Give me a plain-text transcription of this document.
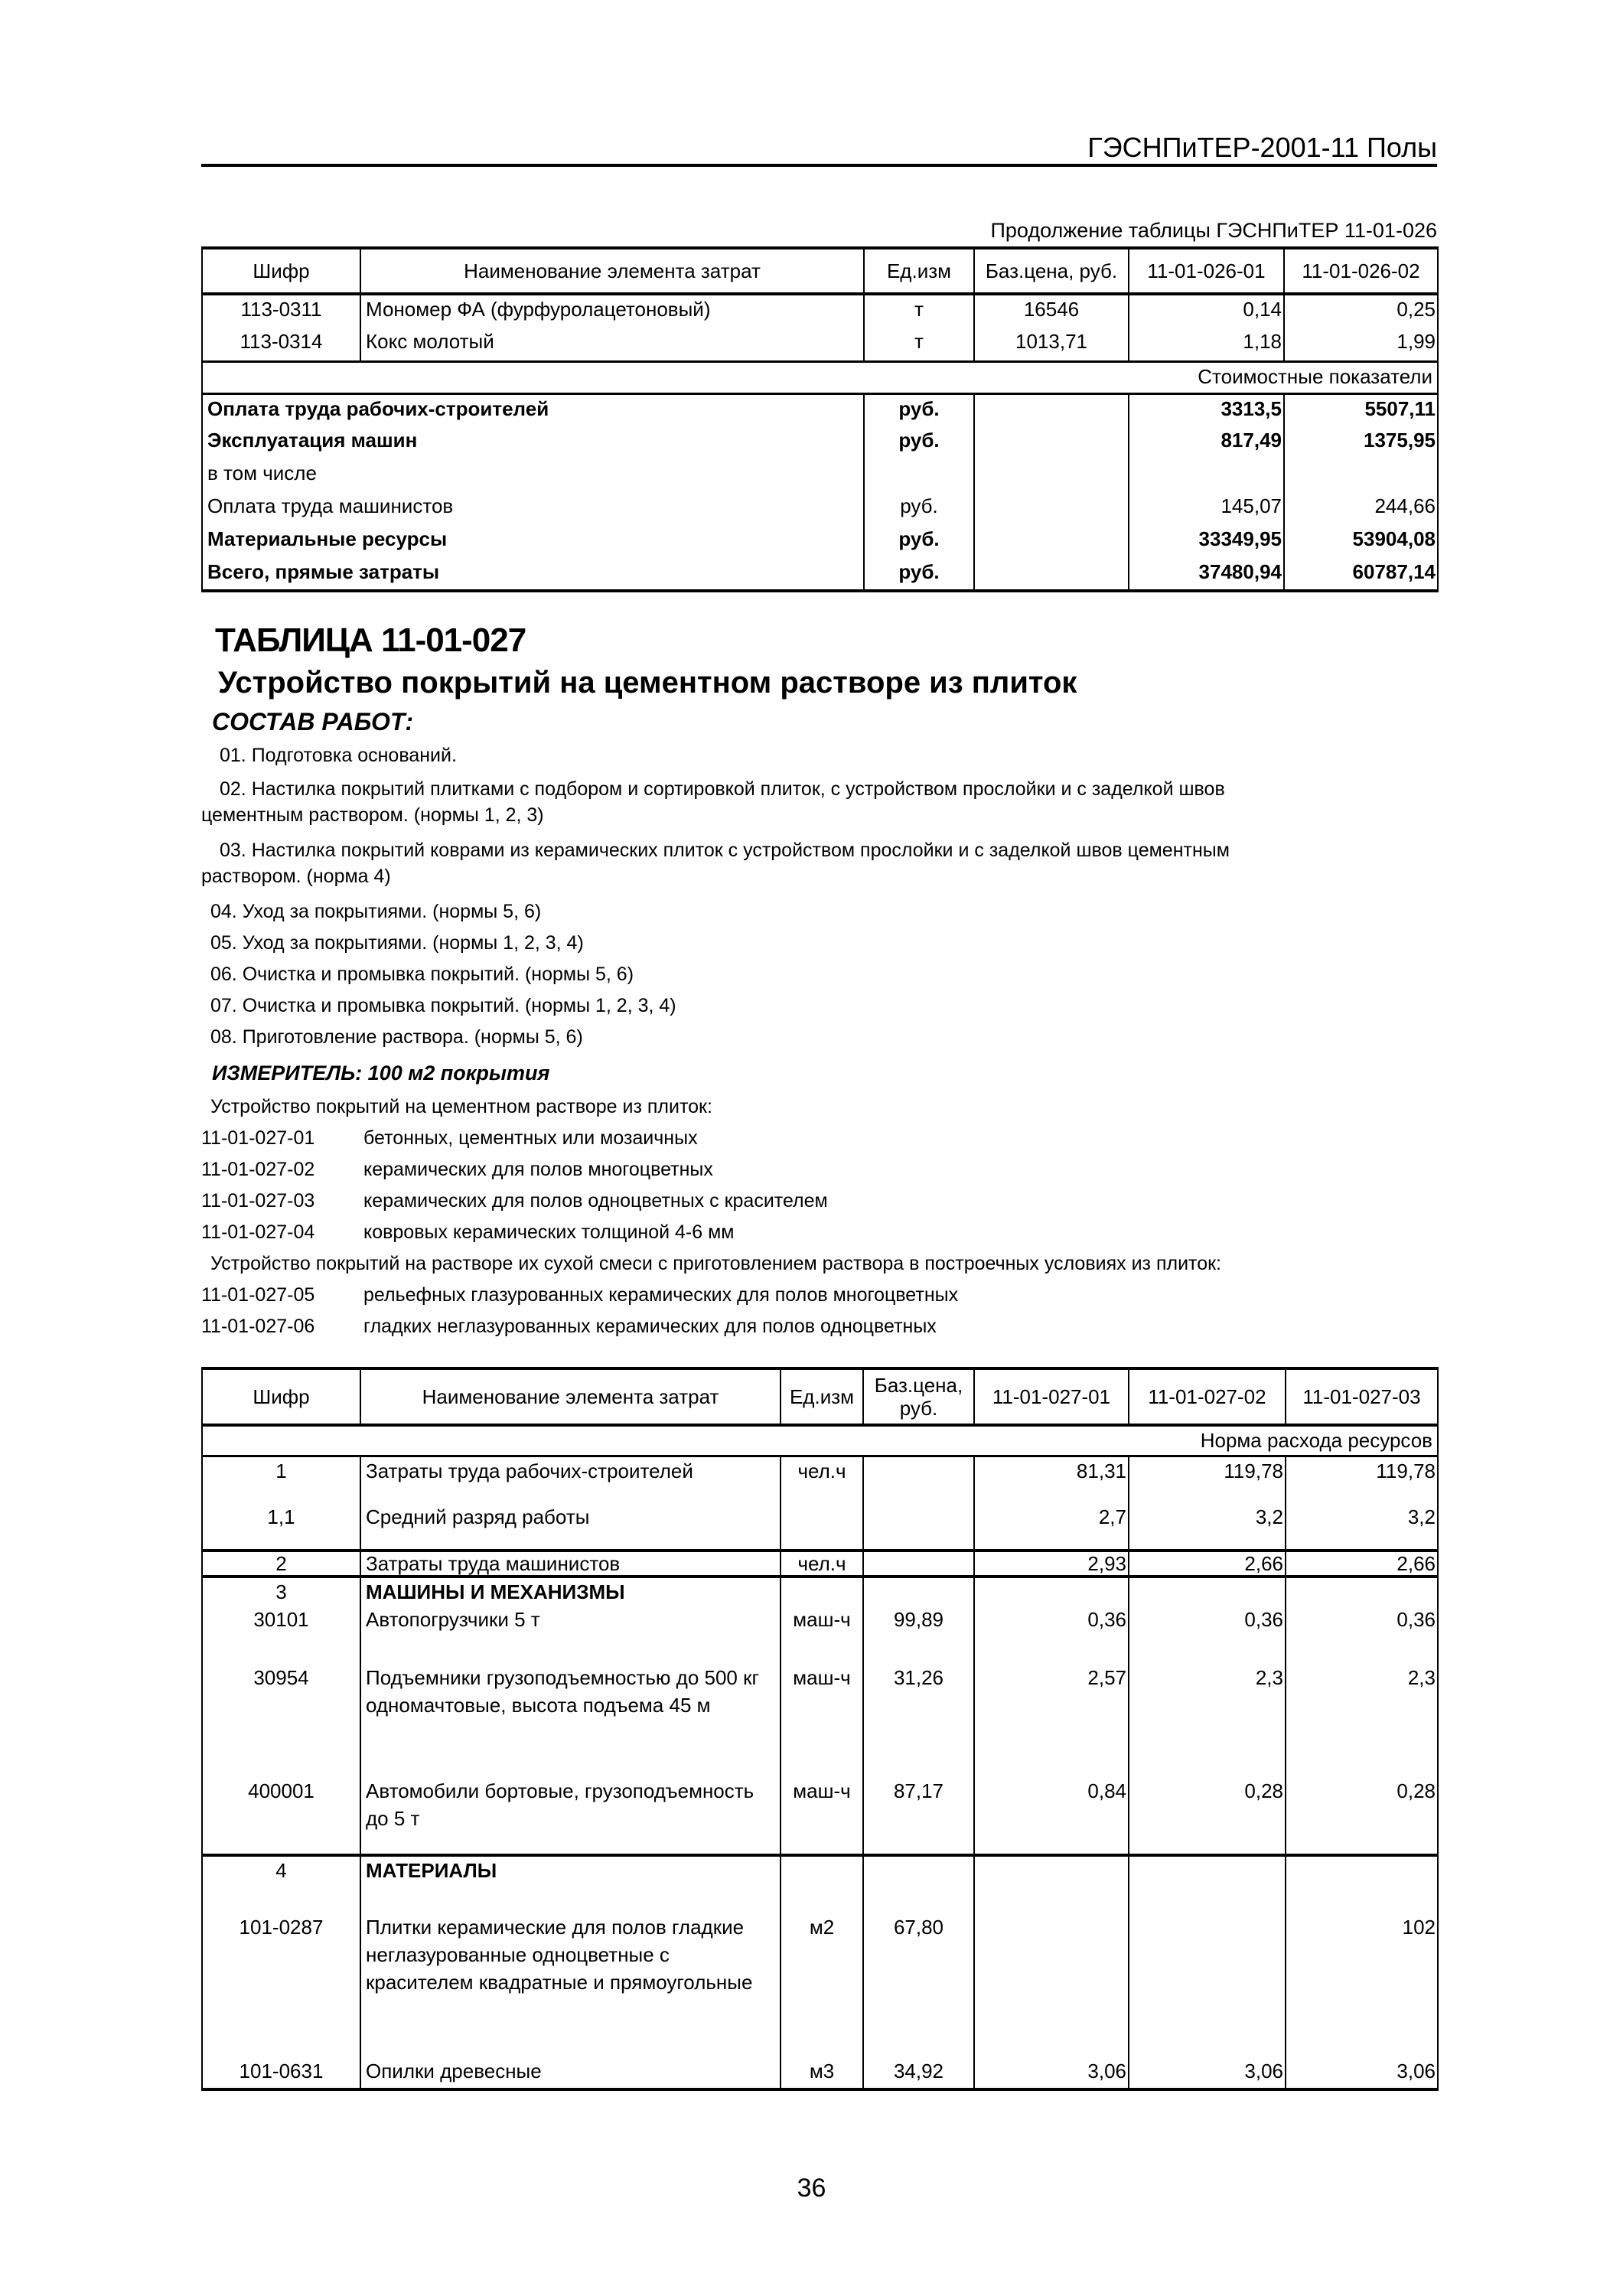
ГЭСНПиТЕР-2001-11 Полы
Продолжение таблицы ГЭСНПиТЕР 11-01-026
Шифр	Наименование элемента затрат	Ед.изм	Баз.цена, руб.	11-01-026-01	11-01-026-02
113-0311	Мономер ФА (фурфуролацетоновый)	т	16546	0,14	0,25
113-0314	Кокс молотый	т	1013,71	1,18	1,99
Стоимостные показатели					
Оплата труда рабочих-строителей		руб.		3313,5	5507,11
Эксплуатация машин		руб.		817,49	1375,95
в том числе					
Оплата труда машинистов		руб.		145,07	244,66
Материальные ресурсы		руб.		33349,95	53904,08
Всего, прямые затраты		руб.		37480,94	60787,14
ТАБЛИЦА 11-01-027
Устройство покрытий на цементном растворе из плиток
СОСТАВ РАБОТ:
01. Подготовка оснований.
02. Настилка покрытий плитками с подбором и сортировкой плиток, с устройством прослойки и с заделкой швов
цементным раствором. (нормы 1, 2, 3)
03. Настилка покрытий коврами из керамических плиток с устройством прослойки и с заделкой швов цементным
раствором. (норма 4)
04. Уход за покрытиями. (нормы 5, 6)
05. Уход за покрытиями. (нормы 1, 2, 3, 4)
06. Очистка и промывка покрытий. (нормы 5, 6)
07. Очистка и промывка покрытий. (нормы 1, 2, 3, 4)
08. Приготовление раствора. (нормы 5, 6)
ИЗМЕРИТЕЛЬ: 100 м2 покрытия
Устройство покрытий на цементном растворе из плиток:
11-01-027-01	бетонных, цементных или мозаичных
11-01-027-02	керамических для полов многоцветных
11-01-027-03	керамических для полов одноцветных с красителем
11-01-027-04	ковровых керамических толщиной 4-6 мм
Устройство покрытий на растворе их сухой смеси с приготовлением раствора в построечных условиях из плиток:
11-01-027-05	рельефных глазурованных керамических для полов многоцветных
11-01-027-06	гладких неглазурованных керамических для полов одноцветных
Шифр	Наименование элемента затрат	Ед.изм	Баз.цена, руб.	11-01-027-01	11-01-027-02	11-01-027-03
Норма расхода ресурсов						
1	Затраты труда рабочих-строителей	чел.ч		81,31	119,78	119,78
1,1	Средний разряд работы			2,7	3,2	3,2
2	Затраты труда машинистов	чел.ч		2,93	2,66	2,66
3	МАШИНЫ И МЕХАНИЗМЫ					
30101	Автопогрузчики 5 т	маш-ч	99,89	0,36	0,36	0,36
30954	Подъемники грузоподъемностью до 500 кг одномачтовые, высота подъема 45 м	маш-ч	31,26	2,57	2,3	2,3
400001	Автомобили бортовые, грузоподъемность до 5 т	маш-ч	87,17	0,84	0,28	0,28
4	МАТЕРИАЛЫ					
101-0287	Плитки керамические для полов гладкие неглазурованные одноцветные с красителем квадратные и прямоугольные	м2	67,80			102
101-0631	Опилки древесные	м3	34,92	3,06	3,06	3,06
36
